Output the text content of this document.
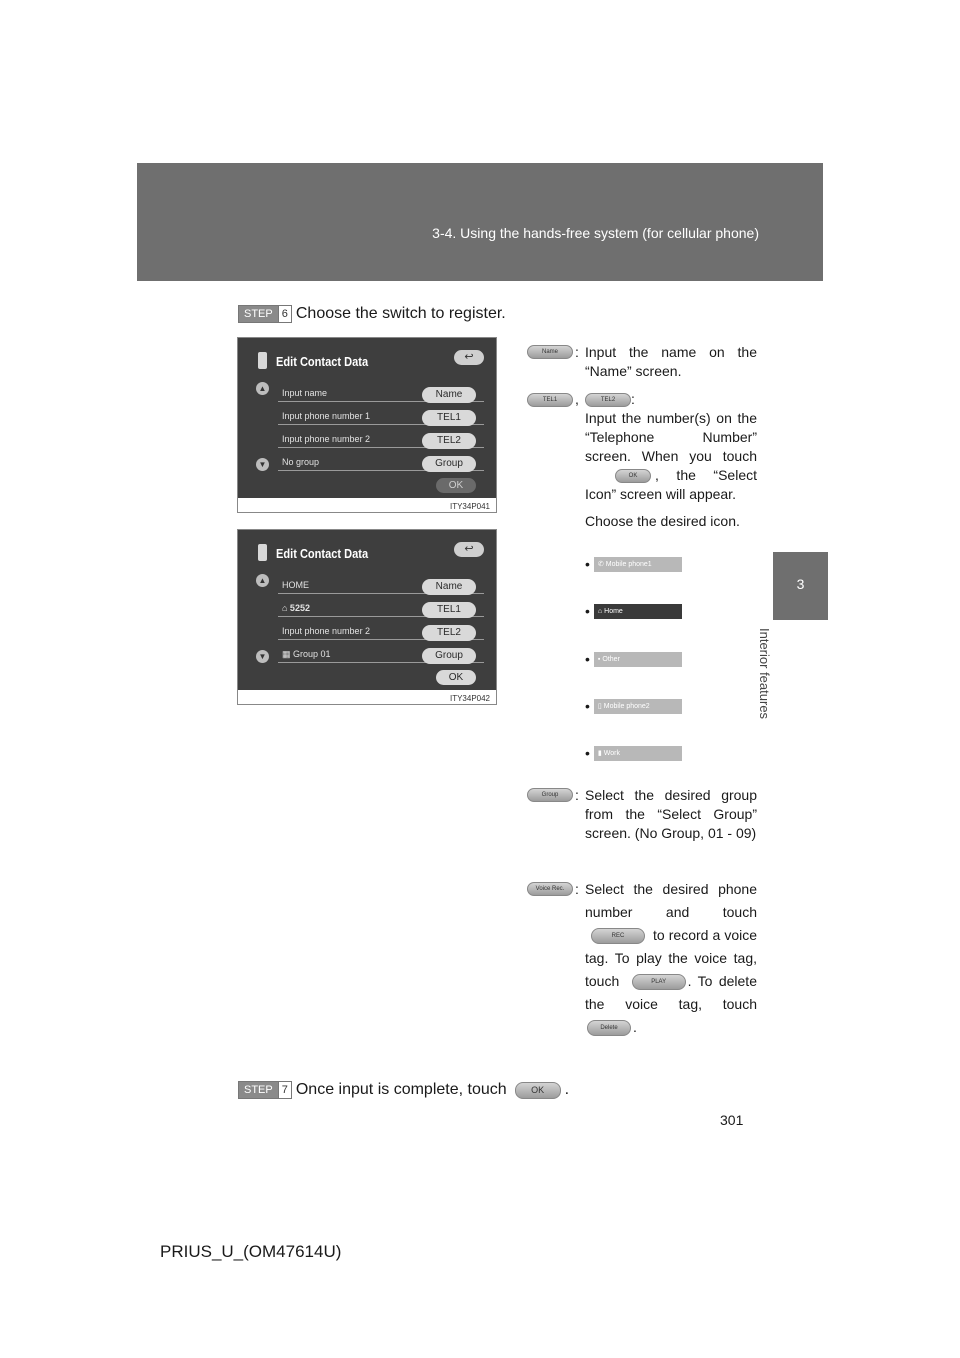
3-4. Using the hands-free system (for cellular phone)
3
Interior features
STEP 6 Choose the switch to register.
Edit Contact Data	↩
▲
▼
Input name	Name
Input phone number 1	TEL1
Input phone number 2	TEL2
No group	Group
OK
ITY34P041
Edit Contact Data	↩
▲
▼
HOME	Name
⌂ 5252	TEL1
Input phone number 2	TEL2
▦ Group 01	Group
OK
ITY34P042
Name	: Input the name on the “Name” screen.
TEL1	,	TEL2	:
Input the number(s) on the “Telephone Number” screen. When you touch OK , the “Select Icon” screen will appear.
Choose the desired icon.
•	✆ Mobile phone1
•	⌂ Home
•	▪ Other
•	▯ Mobile phone2
•	▮ Work
Group	: Select the desired group from the “Select Group” screen. (No Group, 01 - 09)
Voice Rec. : Select the desired phone number and touch REC to record a voice tag. To play the voice tag, touch	PLAY . To delete the voice tag, touch Delete .
STEP 7 Once input is complete, touch	OK	.
301
PRIUS_U_(OM47614U)
